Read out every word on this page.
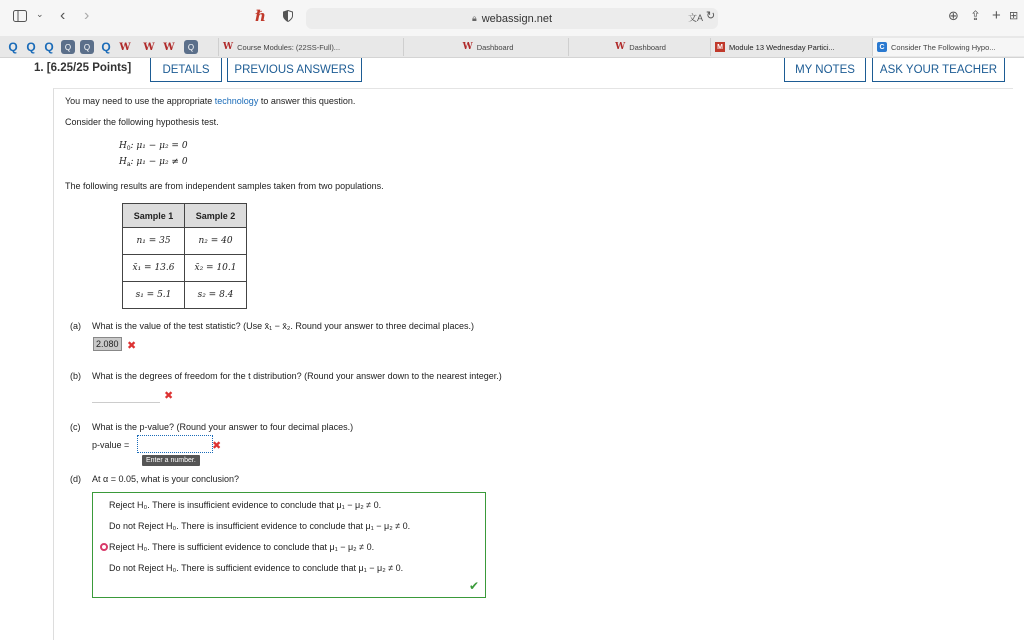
⌄ ‹ ›	ℏ	🔒︎ webassign.net	文A ↻	⊕ ⇪ + ⊞
Q Q Q	Q	Q Q W W W	Q	W Course Modules: (22SS-Full)...	W Dashboard	W Dashboard	M Module 13 Wednesday Partici...	C Consider The Following Hypo...
1. [6.25/25 Points]	DETAILS	PREVIOUS ANSWERS	MY NOTES	ASK YOUR TEACHER
You may need to use the appropriate technology to answer this question.
Consider the following hypothesis test.
$H_0$: μ₁ − μ₂ = 0
$H_a$: μ₁ − μ₂ ≠ 0
The following results are from independent samples taken from two populations.
Sample 1	Sample 2
n₁ = 35	n₂ = 40
x̄₁ = 13.6	x̄₂ = 10.1
s₁ = 5.1	s₂ = 8.4
(a) What is the value of the test statistic? (Use x̄₁ − x̄₂. Round your answer to three decimal places.)
2.080 ✖
(b) What is the degrees of freedom for the t distribution? (Round your answer down to the nearest integer.)
✖
(c) What is the p-value? (Round your answer to four decimal places.)
p-value =	✖
Enter a number.
(d) At α = 0.05, what is your conclusion?
Reject H₀. There is insufficient evidence to conclude that μ₁ − μ₂ ≠ 0.
Do not Reject H₀. There is insufficient evidence to conclude that μ₁ − μ₂ ≠ 0.
Reject H₀. There is sufficient evidence to conclude that μ₁ − μ₂ ≠ 0.
Do not Reject H₀. There is sufficient evidence to conclude that μ₁ − μ₂ ≠ 0.
✔
